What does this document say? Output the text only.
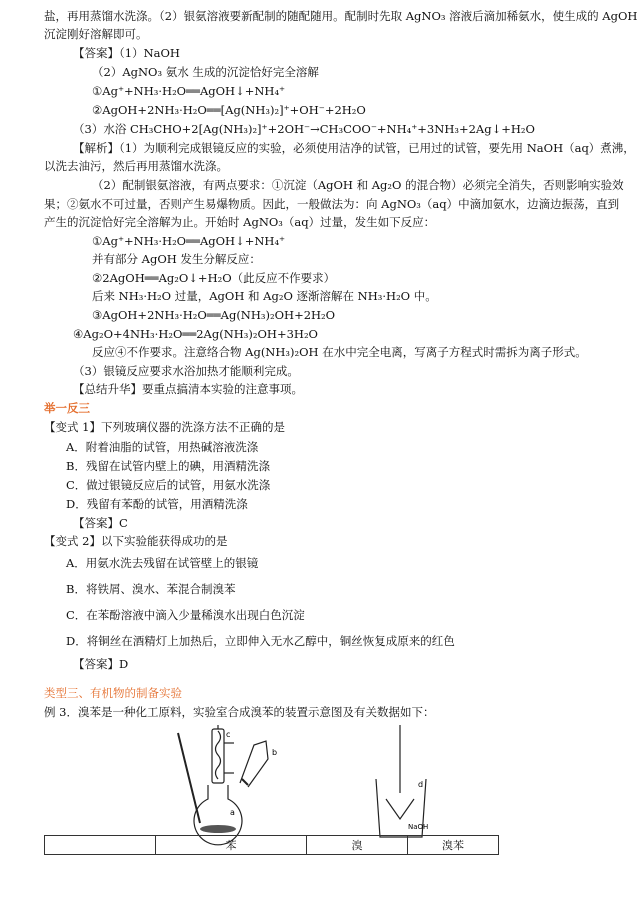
盐，再用蒸馏水洗涤。（2）银氨溶液要新配制的随配随用。配制时先取 AgNO₃ 溶液后滴加稀氨水，使生成的 AgOH
沉淀刚好溶解即可。
【答案】（1）NaOH
（2）AgNO₃ 氨水 生成的沉淀恰好完全溶解
①Ag⁺+NH₃·H₂O══AgOH↓+NH₄⁺
②AgOH+2NH₃·H₂O══[Ag(NH₃)₂]⁺+OH⁻+2H₂O
（3）水浴 CH₃CHO+2[Ag(NH₃)₂]⁺+2OH⁻→CH₃COO⁻+NH₄⁺+3NH₃+2Ag↓+H₂O
【解析】（1）为顺利完成银镜反应的实验，必须使用洁净的试管，已用过的试管，要先用 NaOH（aq）煮沸，
以洗去油污，然后再用蒸馏水洗涤。
（2）配制银氨溶液，有两点要求：①沉淀（AgOH 和 Ag₂O 的混合物）必须完全消失，否则影响实验效
果；②氨水不可过量，否则产生易爆物质。因此，一般做法为：向 AgNO₃（aq）中滴加氨水，边滴边振荡，直到
产生的沉淀恰好完全溶解为止。开始时 AgNO₃（aq）过量，发生如下反应：
①Ag⁺+NH₃·H₂O══AgOH↓+NH₄⁺
并有部分 AgOH 发生分解反应：
②2AgOH══Ag₂O↓+H₂O（此反应不作要求）
后来 NH₃·H₂O 过量，AgOH 和 Ag₂O 逐渐溶解在 NH₃·H₂O 中。
③AgOH+2NH₃·H₂O══Ag(NH₃)₂OH+2H₂O
④Ag₂O+4NH₃·H₂O══2Ag(NH₃)₂OH+3H₂O
反应④不作要求。注意络合物 Ag(NH₃)₂OH 在水中完全电离，写离子方程式时需拆为离子形式。
（3）银镜反应要求水浴加热才能顺利完成。
【总结升华】要重点搞清本实验的注意事项。
举一反三
【变式 1】下列玻璃仪器的洗涤方法不正确的是
A．附着油脂的试管，用热碱溶液洗涤
B．残留在试管内壁上的碘，用酒精洗涤
C．做过银镜反应后的试管，用氨水洗涤
D．残留有苯酚的试管，用酒精洗涤
【答案】C
【变式 2】以下实验能获得成功的是
A．用氨水洗去残留在试管壁上的银镜
B．将铁屑、溴水、苯混合制溴苯
C．在苯酚溶液中滴入少量稀溴水出现白色沉淀
D．将铜丝在酒精灯上加热后，立即伸入无水乙醇中，铜丝恢复成原来的红色
【答案】D
类型三、有机物的制备实验
例 3．溴苯是一种化工原料，实验室合成溴苯的装置示意图及有关数据如下：
a
b
c
d
NaOH
	苯	溴	溴苯
